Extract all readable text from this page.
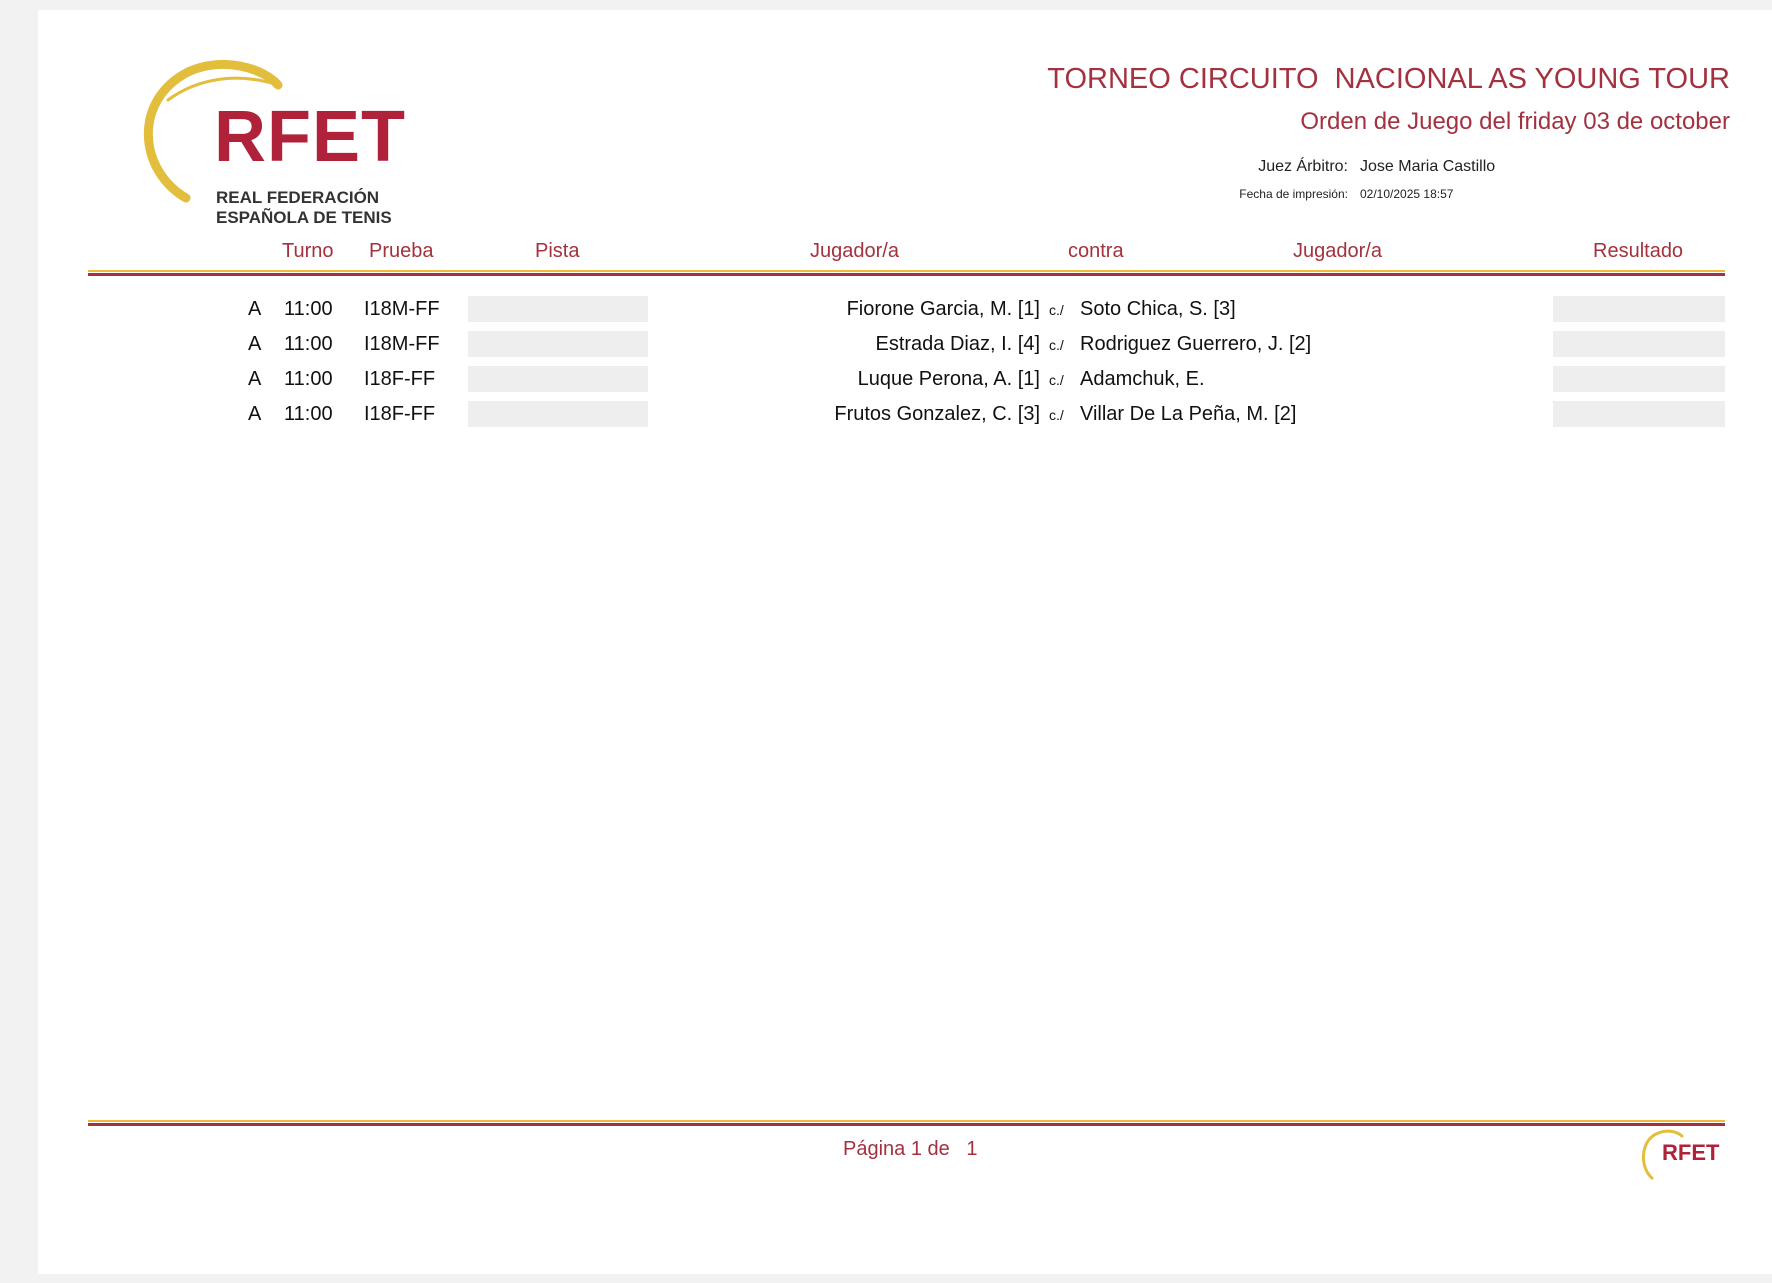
RFET
REAL FEDERACIÓN
ESPAÑOLA DE TENIS
TORNEO CIRCUITO  NACIONAL AS YOUNG TOUR
Orden de Juego del friday 03 de october
Juez Árbitro: Jose Maria Castillo
Fecha de impresión: 02/10/2025 18:57
Turno Prueba	Pista	Jugador/a	contra	Jugador/a	Resultado
A 11:00 I18M-FF	Fiorone Garcia, M. [1] c./ Soto Chica, S. [3]
A 11:00 I18M-FF	Estrada Diaz, I. [4] c./ Rodriguez Guerrero, J. [2]
A 11:00 I18F-FF	Luque Perona, A. [1] c./ Adamchuk, E.
A 11:00 I18F-FF	Frutos Gonzalez, C. [3] c./ Villar De La Peña, M. [2]
Página 1 de   1	RFET
